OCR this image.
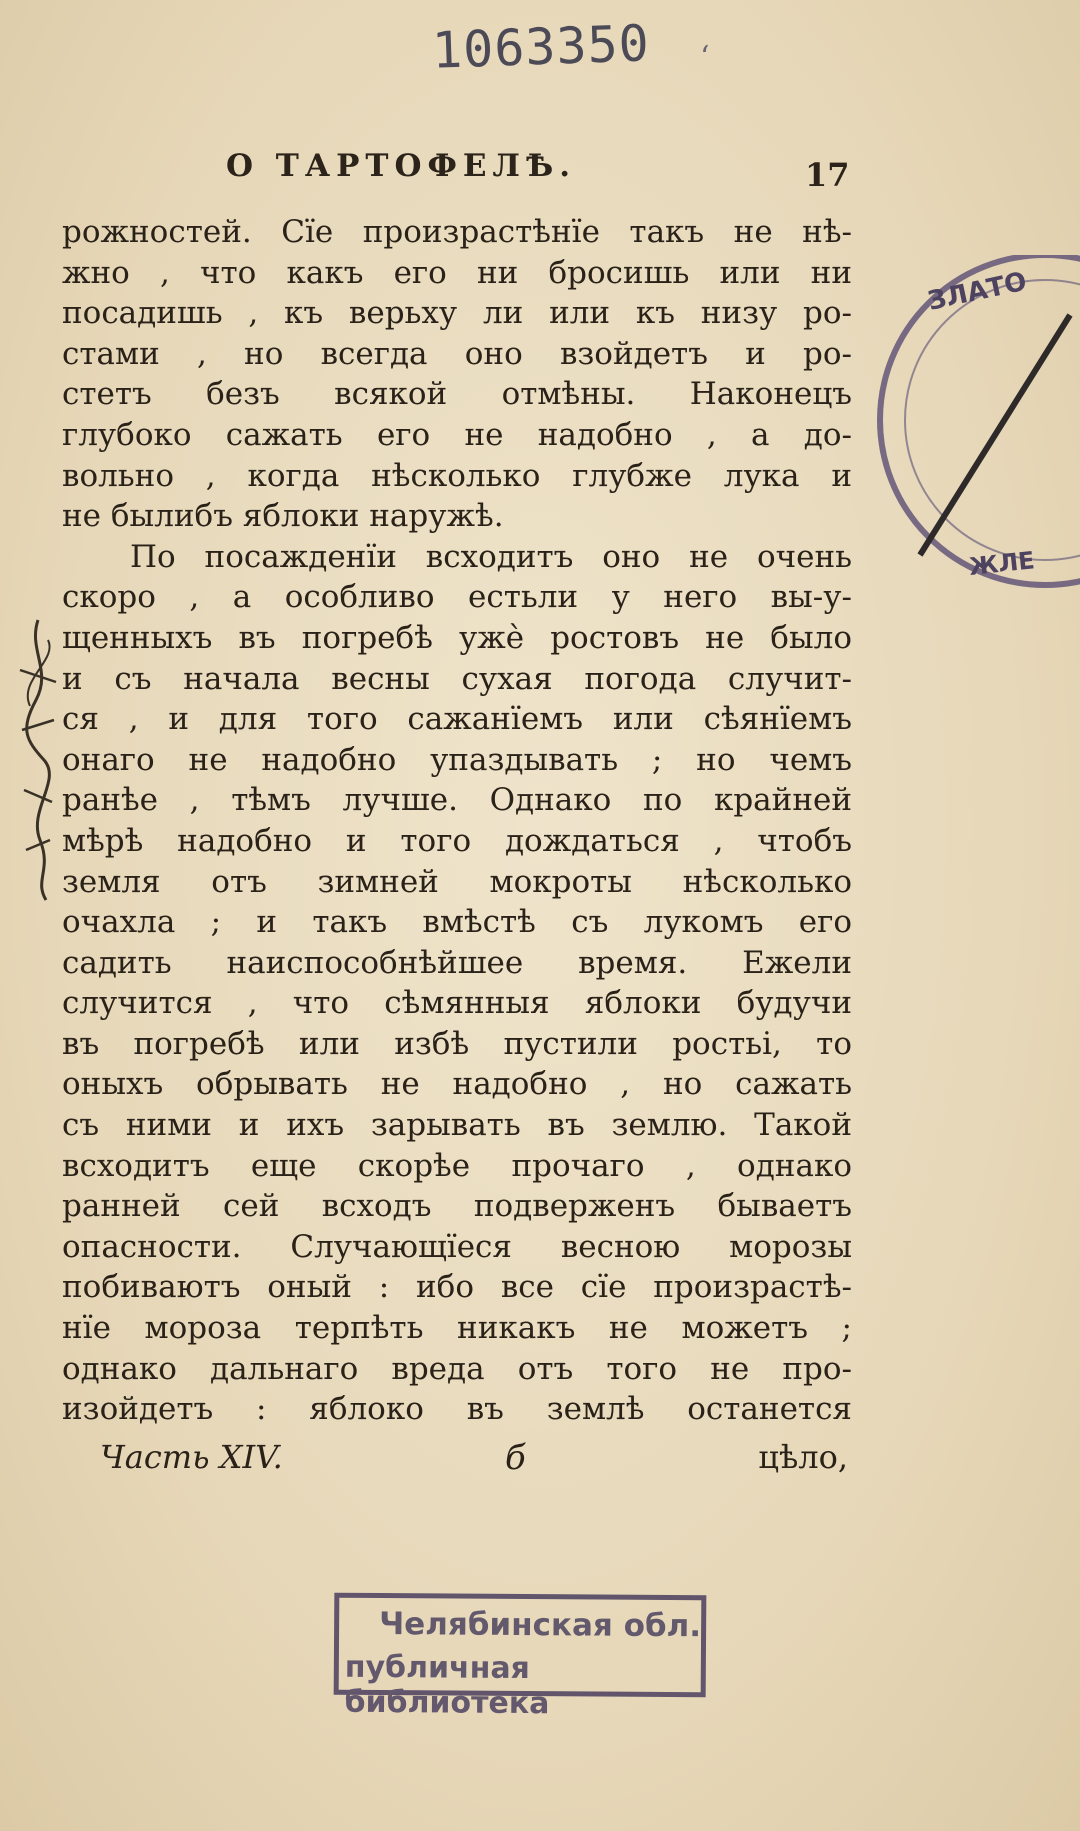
1063350 ʻ
О ТАРТОФЕЛѢ.	17
рожностей. Сїе произрастѣнїе такъ не нѣ-
жно , что какъ его ни бросишь или ни
посадишь , къ верьху ли или къ низу ро-
стами , но всегда оно взойдетъ и ро-
стетъ безъ всякой отмѣны. Наконецъ
глубоко сажать его не надобно , а до-
вольно , когда нѣсколько глубже лука и
не былибъ яблоки наружѣ.
По посажденїи всходитъ оно не очень
скоро , а особливо естьли у него вы-у-
щенныхъ въ погребѣ ужѐ ростовъ не было
и съ начала весны сухая погода случит-
ся , и для того сажанїемъ или сѣянїемъ
онаго не надобно упаздывать ; но чемъ
ранѣе , тѣмъ лучше. Однако по крайней
мѣрѣ надобно и того дождаться , чтобъ
земля отъ зимней мокроты нѣсколько
очахла ; и такъ вмѣстѣ съ лукомъ его
садить наиспособнѣйшее время. Ежели
случится , что сѣмянныя яблоки будучи
въ погребѣ или избѣ пустили ростьі, то
оныхъ обрывать не надобно , но сажать
съ ними и ихъ зарывать въ землю. Такой
всходитъ еще скорѣе прочаго , однако
ранней сей всходъ подверженъ бываетъ
опасности. Случающїеся весною морозы
побиваютъ оный : ибо все сїе произрастѣ-
нїе мороза терпѣть никакъ не можетъ ;
однако дальнаго вреда отъ того не про-
изойдетъ : яблоко въ землѣ останется
Часть XIV.	б	цѣло,
ЗЛАТО
ЖЛЕ
Челябинская обл.
публичная библиотека
